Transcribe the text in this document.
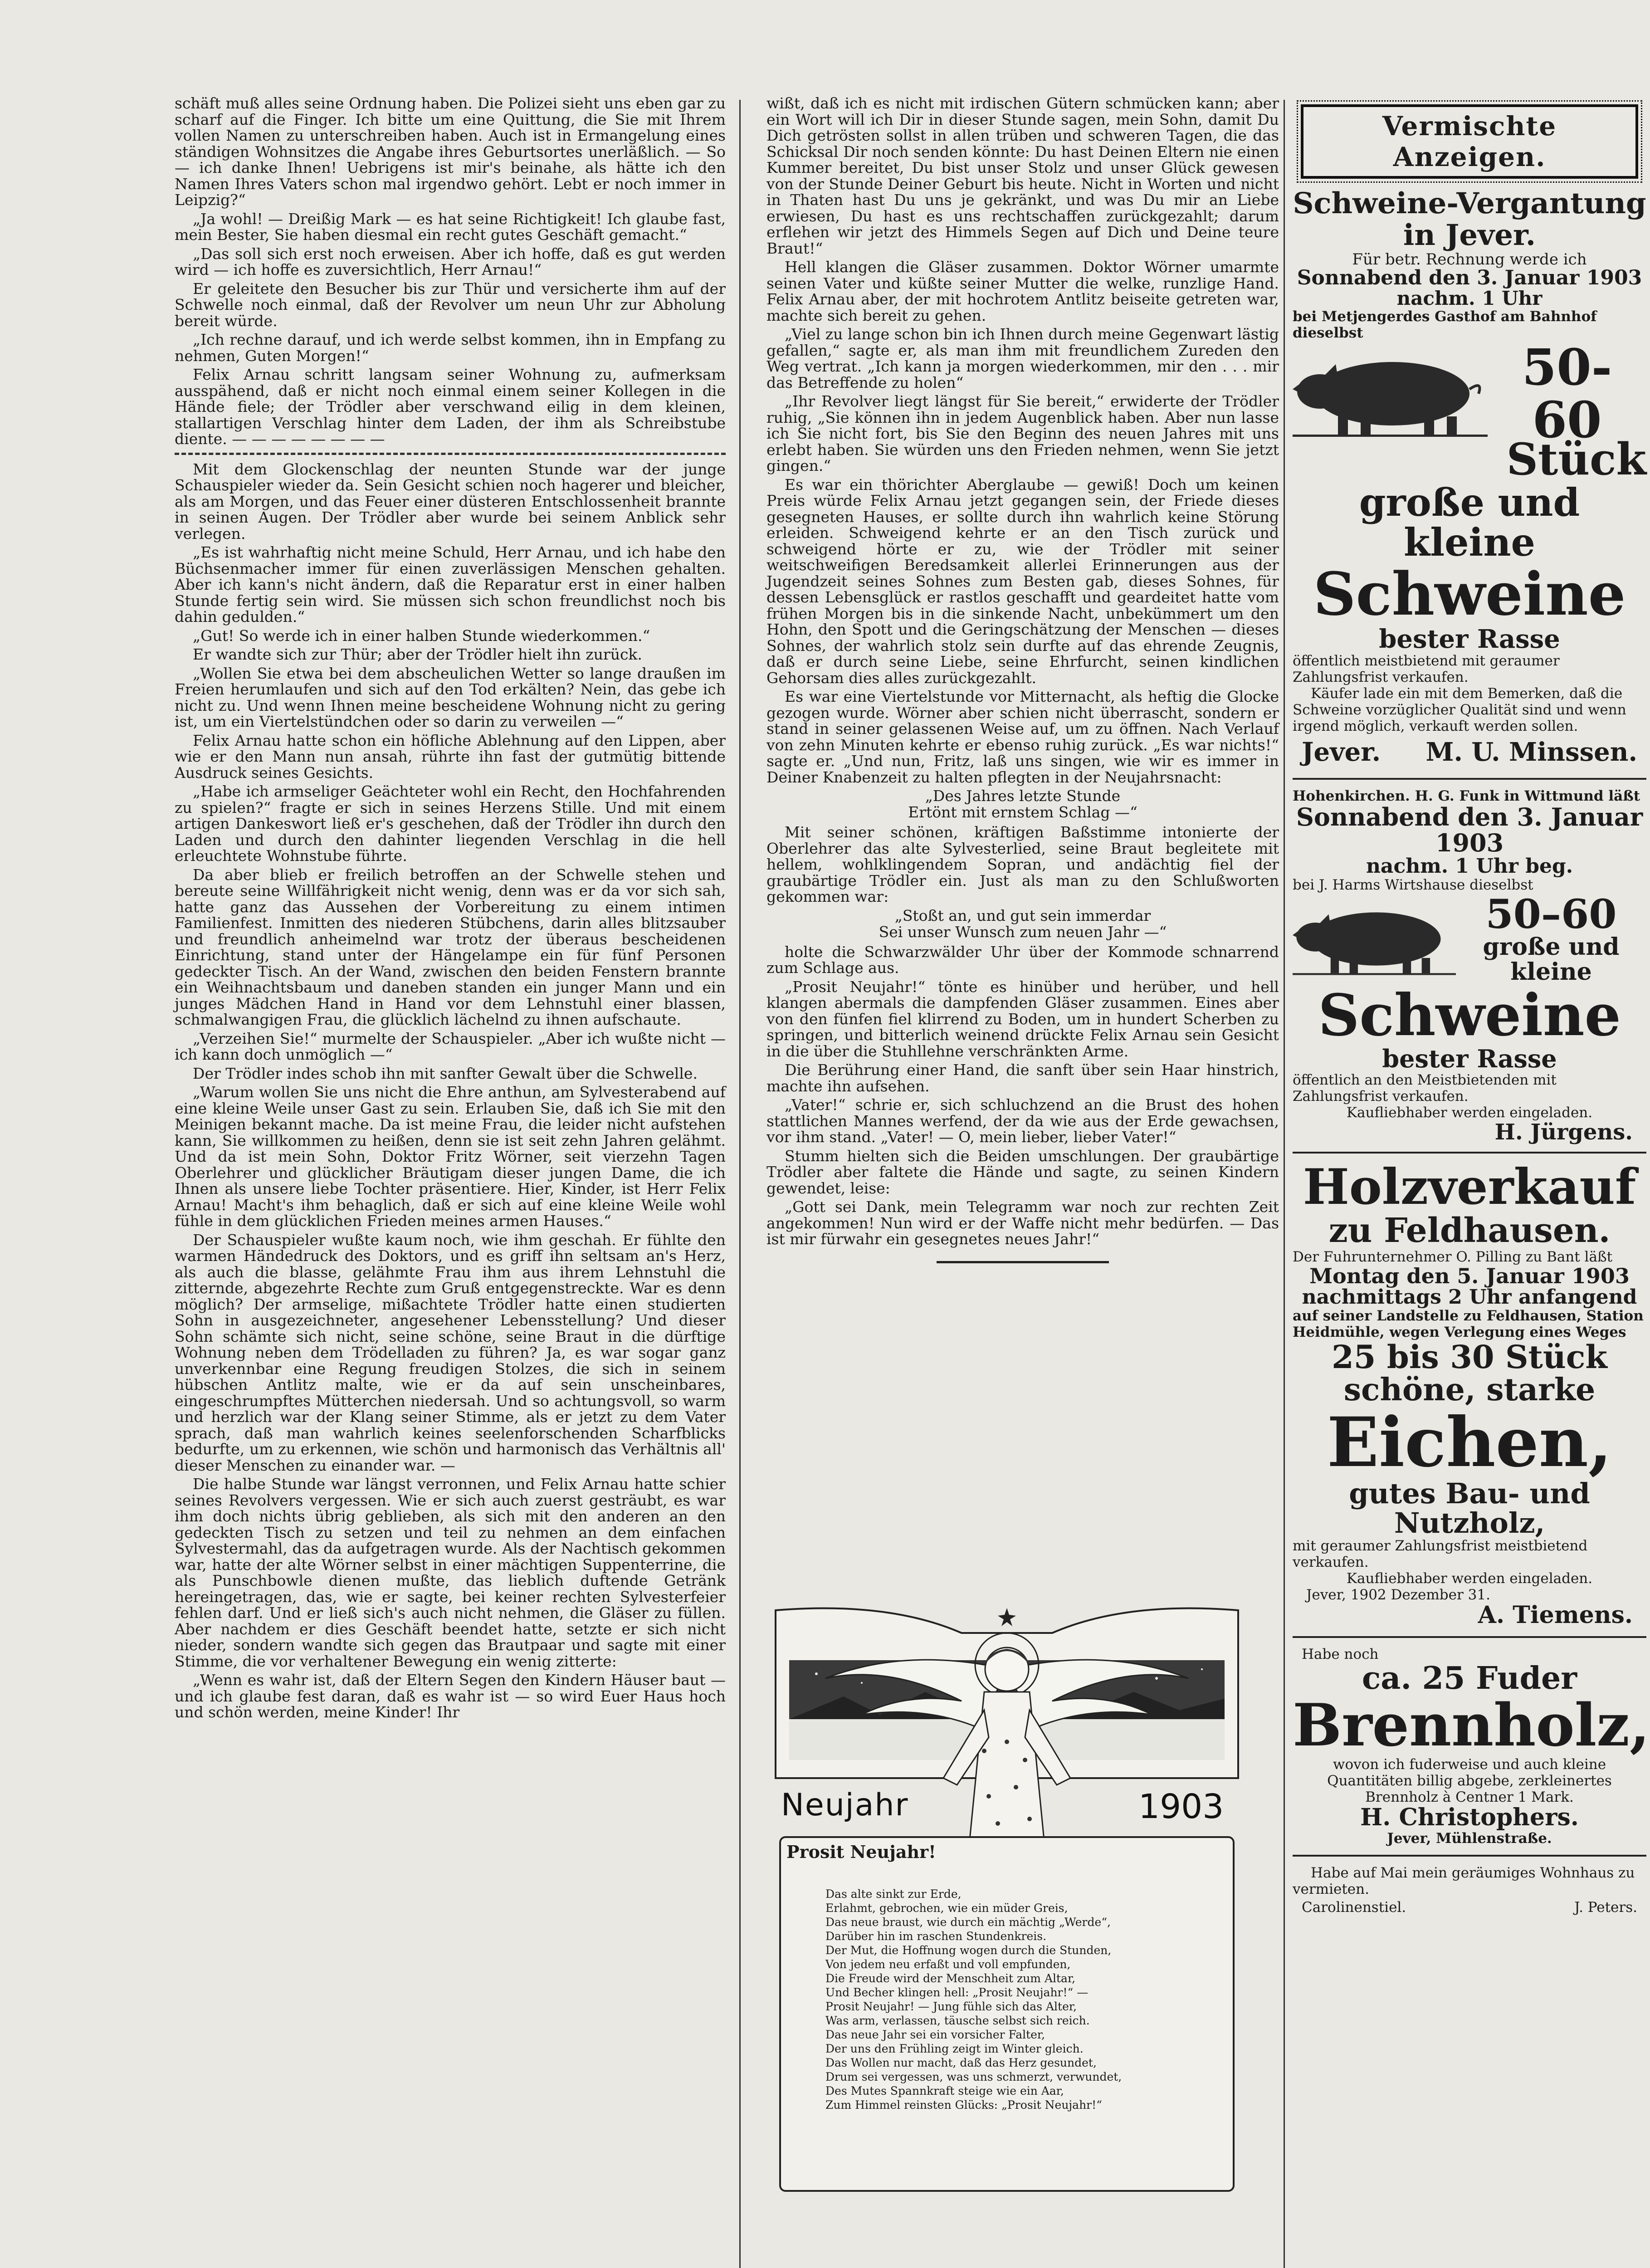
schäft muß alles seine Ordnung haben. Die Polizei sieht uns eben gar zu scharf auf die Finger. Ich bitte um eine Quittung, die Sie mit Ihrem vollen Namen zu unterschreiben haben. Auch ist in Ermangelung eines ständigen Wohnsitzes die Angabe ihres Geburtsortes unerläßlich. — So — ich danke Ihnen! Uebrigens ist mir's beinahe, als hätte ich den Namen Ihres Vaters schon mal irgendwo gehört. Lebt er noch immer in Leipzig?“

„Ja wohl! — Dreißig Mark — es hat seine Richtigkeit! Ich glaube fast, mein Bester, Sie haben diesmal ein recht gutes Geschäft gemacht.“

„Das soll sich erst noch erweisen. Aber ich hoffe, daß es gut werden wird — ich hoffe es zuversichtlich, Herr Arnau!“

Er geleitete den Besucher bis zur Thür und versicherte ihm auf der Schwelle noch einmal, daß der Revolver um neun Uhr zur Abholung bereit würde.

„Ich rechne darauf, und ich werde selbst kommen, ihn in Empfang zu nehmen, Guten Morgen!“

Felix Arnau schritt langsam seiner Wohnung zu, aufmerksam ausspähend, daß er nicht noch einmal einem seiner Kollegen in die Hände fiele; der Trödler aber verschwand eilig in dem kleinen, stallartigen Verschlag hinter dem Laden, der ihm als Schreibstube diente. — — — — — — — —

Mit dem Glockenschlag der neunten Stunde war der junge Schauspieler wieder da. Sein Gesicht schien noch hagerer und bleicher, als am Morgen, und das Feuer einer düsteren Entschlossenheit brannte in seinen Augen. Der Trödler aber wurde bei seinem Anblick sehr verlegen.

„Es ist wahrhaftig nicht meine Schuld, Herr Arnau, und ich habe den Büchsenmacher immer für einen zuverlässigen Menschen gehalten. Aber ich kann's nicht ändern, daß die Reparatur erst in einer halben Stunde fertig sein wird. Sie müssen sich schon freundlichst noch bis dahin gedulden.“

„Gut! So werde ich in einer halben Stunde wiederkommen.“

Er wandte sich zur Thür; aber der Trödler hielt ihn zurück.

„Wollen Sie etwa bei dem abscheulichen Wetter so lange draußen im Freien herumlaufen und sich auf den Tod erkälten? Nein, das gebe ich nicht zu. Und wenn Ihnen meine bescheidene Wohnung nicht zu gering ist, um ein Viertelstündchen oder so darin zu verweilen —“

Felix Arnau hatte schon ein höfliche Ablehnung auf den Lippen, aber wie er den Mann nun ansah, rührte ihn fast der gutmütig bittende Ausdruck seines Gesichts.

„Habe ich armseliger Geächteter wohl ein Recht, den Hochfahrenden zu spielen?“ fragte er sich in seines Herzens Stille. Und mit einem artigen Dankeswort ließ er's geschehen, daß der Trödler ihn durch den Laden und durch den dahinter liegenden Verschlag in die hell erleuchtete Wohnstube führte.

Da aber blieb er freilich betroffen an der Schwelle stehen und bereute seine Willfährigkeit nicht wenig, denn was er da vor sich sah, hatte ganz das Aussehen der Vorbereitung zu einem intimen Familienfest. Inmitten des niederen Stübchens, darin alles blitzsauber und freundlich anheimelnd war trotz der überaus bescheidenen Einrichtung, stand unter der Hängelampe ein für fünf Personen gedeckter Tisch. An der Wand, zwischen den beiden Fenstern brannte ein Weihnachtsbaum und daneben standen ein junger Mann und ein junges Mädchen Hand in Hand vor dem Lehnstuhl einer blassen, schmalwangigen Frau, die glücklich lächelnd zu ihnen aufschaute.

„Verzeihen Sie!“ murmelte der Schauspieler. „Aber ich wußte nicht — ich kann doch unmöglich —“

Der Trödler indes schob ihn mit sanfter Gewalt über die Schwelle.

„Warum wollen Sie uns nicht die Ehre anthun, am Sylvesterabend auf eine kleine Weile unser Gast zu sein. Erlauben Sie, daß ich Sie mit den Meinigen bekannt mache. Da ist meine Frau, die leider nicht aufstehen kann, Sie willkommen zu heißen, denn sie ist seit zehn Jahren gelähmt. Und da ist mein Sohn, Doktor Fritz Wörner, seit vierzehn Tagen Oberlehrer und glücklicher Bräutigam dieser jungen Dame, die ich Ihnen als unsere liebe Tochter präsentiere. Hier, Kinder, ist Herr Felix Arnau! Macht's ihm behaglich, daß er sich auf eine kleine Weile wohl fühle in dem glücklichen Frieden meines armen Hauses.“

Der Schauspieler wußte kaum noch, wie ihm geschah. Er fühlte den warmen Händedruck des Doktors, und es griff ihn seltsam an's Herz, als auch die blasse, gelähmte Frau ihm aus ihrem Lehnstuhl die zitternde, abgezehrte Rechte zum Gruß entgegenstreckte. War es denn möglich? Der armselige, mißachtete Trödler hatte einen studierten Sohn in ausgezeichneter, angesehener Lebensstellung? Und dieser Sohn schämte sich nicht, seine schöne, seine Braut in die dürftige Wohnung neben dem Trödelladen zu führen? Ja, es war sogar ganz unverkennbar eine Regung freudigen Stolzes, die sich in seinem hübschen Antlitz malte, wie er da auf sein unscheinbares, eingeschrumpftes Mütterchen niedersah. Und so achtungsvoll, so warm und herzlich war der Klang seiner Stimme, als er jetzt zu dem Vater sprach, daß man wahrlich keines seelenforschenden Scharfblicks bedurfte, um zu erkennen, wie schön und harmonisch das Verhältnis all' dieser Menschen zu einander war. —

Die halbe Stunde war längst verronnen, und Felix Arnau hatte schier seines Revolvers vergessen. Wie er sich auch zuerst gesträubt, es war ihm doch nichts übrig geblieben, als sich mit den anderen an den gedeckten Tisch zu setzen und teil zu nehmen an dem einfachen Sylvestermahl, das da aufgetragen wurde. Als der Nachtisch gekommen war, hatte der alte Wörner selbst in einer mächtigen Suppenterrine, die als Punschbowle dienen mußte, das lieblich duftende Getränk hereingetragen, das, wie er sagte, bei keiner rechten Sylvesterfeier fehlen darf. Und er ließ sich's auch nicht nehmen, die Gläser zu füllen. Aber nachdem er dies Geschäft beendet hatte, setzte er sich nicht nieder, sondern wandte sich gegen das Brautpaar und sagte mit einer Stimme, die vor verhaltener Bewegung ein wenig zitterte:

„Wenn es wahr ist, daß der Eltern Segen den Kindern Häuser baut — und ich glaube fest daran, daß es wahr ist — so wird Euer Haus hoch und schön werden, meine Kinder! Ihr

wißt, daß ich es nicht mit irdischen Gütern schmücken kann; aber ein Wort will ich Dir in dieser Stunde sagen, mein Sohn, damit Du Dich getrösten sollst in allen trüben und schweren Tagen, die das Schicksal Dir noch senden könnte: Du hast Deinen Eltern nie einen Kummer bereitet, Du bist unser Stolz und unser Glück gewesen von der Stunde Deiner Geburt bis heute. Nicht in Worten und nicht in Thaten hast Du uns je gekränkt, und was Du mir an Liebe erwiesen, Du hast es uns rechtschaffen zurückgezahlt; darum erflehen wir jetzt des Himmels Segen auf Dich und Deine teure Braut!“

Hell klangen die Gläser zusammen. Doktor Wörner umarmte seinen Vater und küßte seiner Mutter die welke, runzlige Hand. Felix Arnau aber, der mit hochrotem Antlitz beiseite getreten war, machte sich bereit zu gehen.

„Viel zu lange schon bin ich Ihnen durch meine Gegenwart lästig gefallen,“ sagte er, als man ihm mit freundlichem Zureden den Weg vertrat. „Ich kann ja morgen wiederkommen, mir den . . . mir das Betreffende zu holen“

„Ihr Revolver liegt längst für Sie bereit,“ erwiderte der Trödler ruhig, „Sie können ihn in jedem Augenblick haben. Aber nun lasse ich Sie nicht fort, bis Sie den Beginn des neuen Jahres mit uns erlebt haben. Sie würden uns den Frieden nehmen, wenn Sie jetzt gingen.“

Es war ein thörichter Aberglaube — gewiß! Doch um keinen Preis würde Felix Arnau jetzt gegangen sein, der Friede dieses gesegneten Hauses, er sollte durch ihn wahrlich keine Störung erleiden. Schweigend kehrte er an den Tisch zurück und schweigend hörte er zu, wie der Trödler mit seiner weitschweifigen Beredsamkeit allerlei Erinnerungen aus der Jugendzeit seines Sohnes zum Besten gab, dieses Sohnes, für dessen Lebensglück er rastlos geschafft und geardeitet hatte vom frühen Morgen bis in die sinkende Nacht, unbekümmert um den Hohn, den Spott und die Geringschätzung der Menschen — dieses Sohnes, der wahrlich stolz sein durfte auf das ehrende Zeugnis, daß er durch seine Liebe, seine Ehrfurcht, seinen kindlichen Gehorsam dies alles zurückgezahlt.

Es war eine Viertelstunde vor Mitternacht, als heftig die Glocke gezogen wurde. Wörner aber schien nicht überrascht, sondern er stand in seiner gelassenen Weise auf, um zu öffnen. Nach Verlauf von zehn Minuten kehrte er ebenso ruhig zurück. „Es war nichts!“ sagte er. „Und nun, Fritz, laß uns singen, wie wir es immer in Deiner Knabenzeit zu halten pflegten in der Neujahrsnacht:

„Des Jahres letzte Stunde
Ertönt mit ernstem Schlag —“

Mit seiner schönen, kräftigen Baßstimme intonierte der Oberlehrer das alte Sylvesterlied, seine Braut begleitete mit hellem, wohlklingendem Sopran, und andächtig fiel der graubärtige Trödler ein. Just als man zu den Schlußworten gekommen war:

„Stoßt an, und gut sein immerdar
Sei unser Wunsch zum neuen Jahr —“

holte die Schwarzwälder Uhr über der Kommode schnarrend zum Schlage aus.

„Prosit Neujahr!“ tönte es hinüber und herüber, und hell klangen abermals die dampfenden Gläser zusammen. Eines aber von den fünfen fiel klirrend zu Boden, um in hundert Scherben zu springen, und bitterlich weinend drückte Felix Arnau sein Gesicht in die über die Stuhllehne verschränkten Arme.

Die Berührung einer Hand, die sanft über sein Haar hinstrich, machte ihn aufsehen.

„Vater!“ schrie er, sich schluchzend an die Brust des hohen stattlichen Mannes werfend, der da wie aus der Erde gewachsen, vor ihm stand. „Vater! — O, mein lieber, lieber Vater!“

Stumm hielten sich die Beiden umschlungen. Der graubärtige Trödler aber faltete die Hände und sagte, zu seinen Kindern gewendet, leise:

„Gott sei Dank, mein Telegramm war noch zur rechten Zeit angekommen! Nun wird er der Waffe nicht mehr bedürfen. — Das ist mir fürwahr ein gesegnetes neues Jahr!“

Neujahr	1903
Prosit Neujahr!
Das alte sinkt zur Erde,
Erlahmt, gebrochen, wie ein müder Greis,
Das neue braust, wie durch ein mächtig „Werde“,
Darüber hin im raschen Stundenkreis.
Der Mut, die Hoffnung wogen durch die Stunden,
Von jedem neu erfaßt und voll empfunden,
Die Freude wird der Menschheit zum Altar,
Und Becher klingen hell: „Prosit Neujahr!“ —
Prosit Neujahr! — Jung fühle sich das Alter,
Was arm, verlassen, täusche selbst sich reich.
Das neue Jahr sei ein vorsicher Falter,
Der uns den Frühling zeigt im Winter gleich.
Das Wollen nur macht, daß das Herz gesundet,
Drum sei vergessen, was uns schmerzt, verwundet,
Des Mutes Spannkraft steige wie ein Aar,
Zum Himmel reinsten Glücks: „Prosit Neujahr!“
Vermischte Anzeigen.
Schweine-Vergantung in Jever.
Für betr. Rechnung werde ich
Sonnabend den 3. Januar 1903
nachm. 1 Uhr
bei Metjengerdes Gasthof am Bahnhof dieselbst
50-60
Stück
große und kleine
Schweine
bester Rasse
öffentlich meistbietend mit geraumer Zahlungsfrist verkaufen.
Käufer lade ein mit dem Bemerken, daß die Schweine vorzüglicher Qualität sind und wenn irgend möglich, verkauft werden sollen.
Jever. M. U. Minssen.
Hohenkirchen. H. G. Funk in Wittmund läßt
Sonnabend den 3. Januar 1903
nachm. 1 Uhr beg.
bei J. Harms Wirtshause dieselbst
50–60
große und kleine
Schweine
bester Rasse
öffentlich an den Meistbietenden mit Zahlungsfrist verkaufen.
Kaufliebhaber werden eingeladen.
H. Jürgens.
Holzverkauf
zu Feldhausen.
Der Fuhrunternehmer O. Pilling zu Bant läßt
Montag den 5. Januar 1903
nachmittags 2 Uhr anfangend
auf seiner Landstelle zu Feldhausen, Station Heidmühle, wegen Verlegung eines Weges
25 bis 30 Stück
schöne, starke
Eichen,
gutes Bau- und Nutzholz,
mit geraumer Zahlungsfrist meistbietend verkaufen.
Kaufliebhaber werden eingeladen.
Jever, 1902 Dezember 31.
A. Tiemens.
Habe noch
ca. 25 Fuder
Brennholz,
wovon ich fuderweise und auch kleine Quantitäten billig abgebe, zerkleinertes Brennholz à Centner 1 Mark.
H. Christophers.
Jever, Mühlenstraße.
Habe auf Mai mein geräumiges Wohnhaus zu vermieten.
Carolinenstiel.	J. Peters.
